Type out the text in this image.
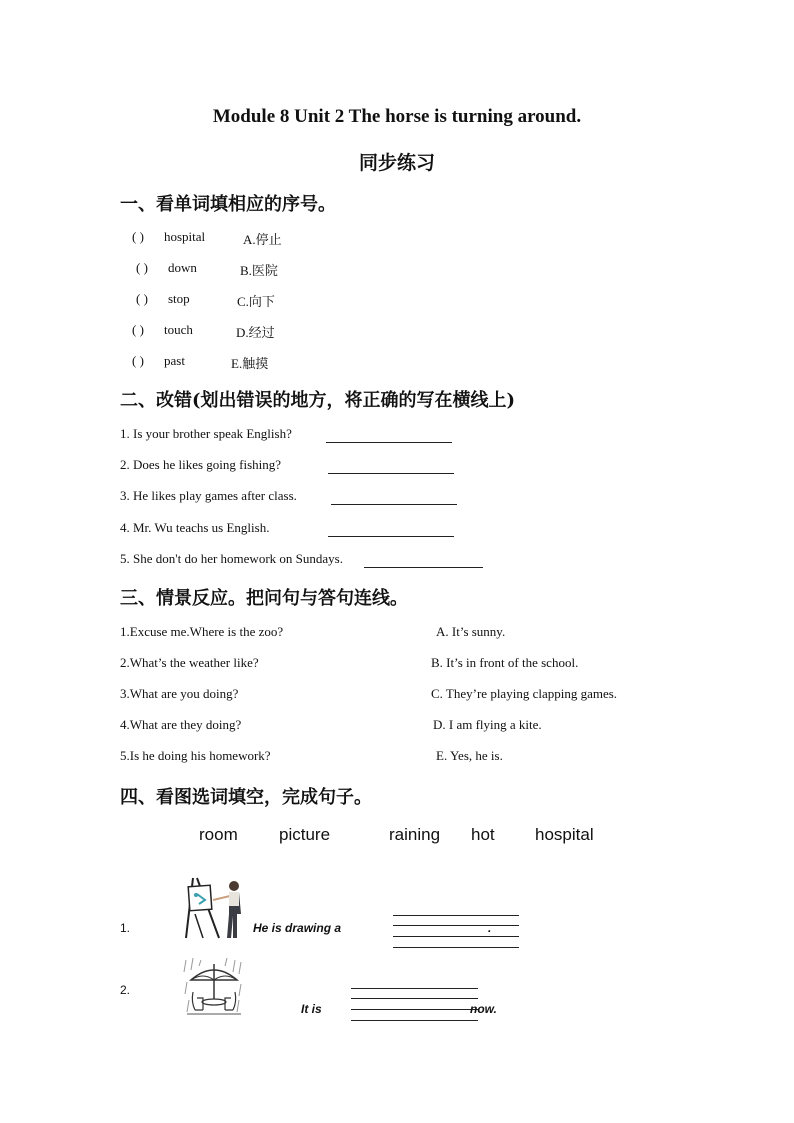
Module 8 Unit 2 The horse is turning around.
同步练习
一、看单词填相应的序号。
( ) hospital	A.停止
( ) down	B.医院
( ) stop	C.向下
( ) touch	D.经过
( ) past	E.触摸
二、改错(划出错误的地方，将正确的写在横线上)
1. Is your brother speak English?
2. Does he likes going fishing?
3. He likes play games after class.
4. Mr. Wu teachs us English.
5. She don't do her homework on Sundays.
三、情景反应。把问句与答句连线。
1.Excuse me.Where is the zoo?	A. It’s sunny.
2.What’s the weather like?	B. It’s in front of the school.
3.What are you doing?	C. They’re playing clapping games.
4.What are they doing?	D. I am flying a kite.
5.Is he doing his homework?	E. Yes, he is.
四、看图选词填空，完成句子。
room picture	raining hot hospital
1.	He is drawing a	.
2.
It is	now.
